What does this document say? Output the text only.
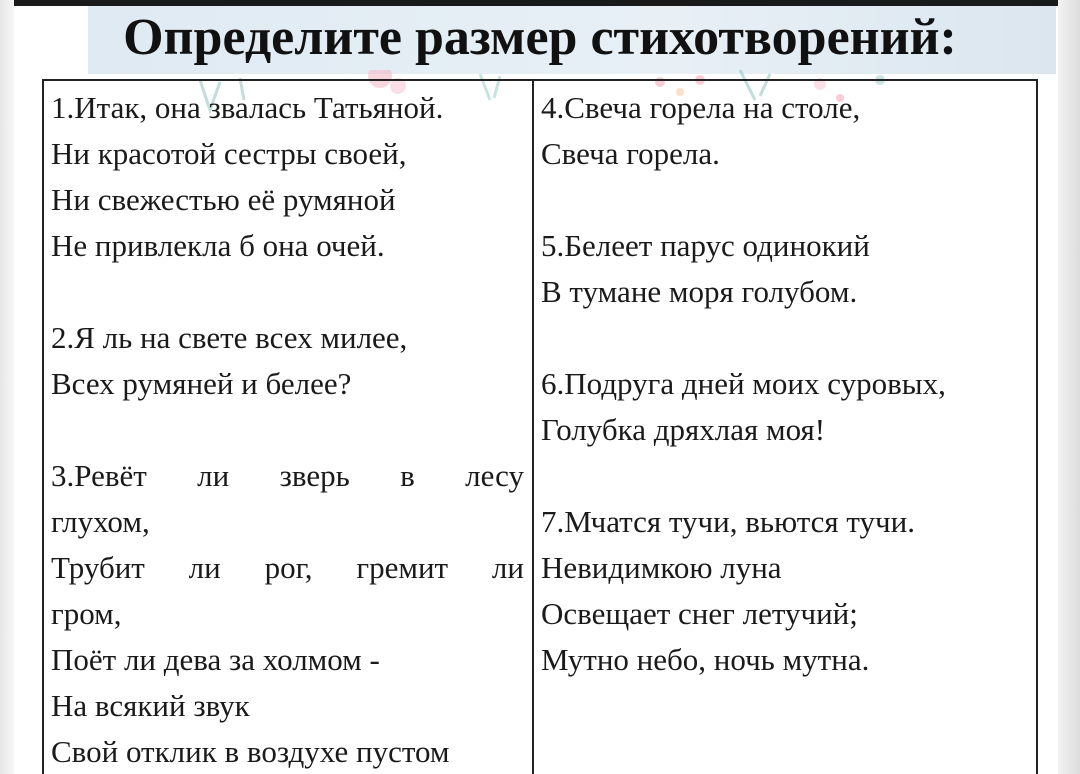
Определите размер стихотворений:
1.Итак, она звалась Татьяной.
Ни красотой сестры своей,
Ни свежестью её румяной
Не привлекла б она очей.
2.Я ль на свете всех милее,
Всех румяней и белее?
3.Ревёт ли зверь в лесу
глухом,
Трубит ли рог, гремит ли
гром,
Поёт ли дева за холмом -
На всякий звук
Свой отклик в воздухе пустом
4.Свеча горела на столе,
Свеча горела.
5.Белеет парус одинокий
В тумане моря голубом.
6.Подруга дней моих суровых,
Голубка дряхлая моя!
7.Мчатся тучи, вьются тучи.
Невидимкою луна
Освещает снег летучий;
Мутно небо, ночь мутна.
